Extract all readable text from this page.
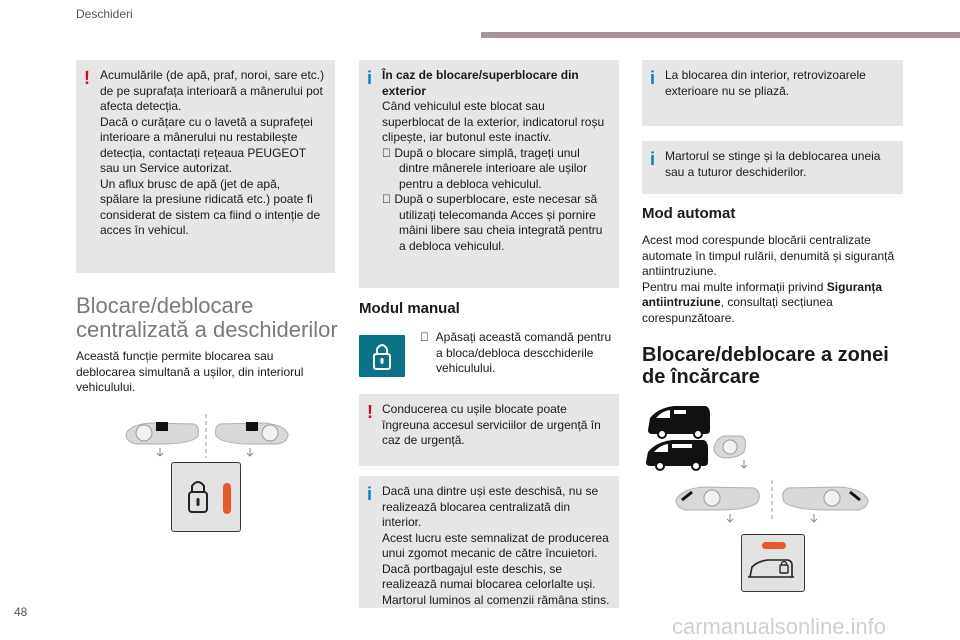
Deschideri
! Acumulările (de apă, praf, noroi, sare etc.)
de pe suprafața interioară a mânerului pot
afecta detecția.
Dacă o curățare cu o lavetă a suprafeței
interioare a mânerului nu restabilește
detecția, contactați rețeaua PEUGEOT
sau un Service autorizat.
Un aflux brusc de apă (jet de apă,
spălare la presiune ridicată etc.) poate fi
considerat de sistem ca fiind o intenție de
acces în vehicul.
Blocare/deblocare
centralizată a deschiderilor
Această funcție permite blocarea sau
deblocarea simultană a ușilor, din interiorul
vehiculului.
i În caz de blocare/superblocare din
exterior
Când vehiculul este blocat sau
superblocat de la exterior, indicatorul roșu
clipește, iar butonul este inactiv.
După o blocare simplă, trageți unul
dintre mânerele interioare ale ușilor
pentru a debloca vehiculul.
După o superblocare, este necesar să
utilizați telecomanda Acces și pornire
mâini libere sau cheia integrată pentru
a debloca vehiculul.
Modul manual
Apăsați această comandă pentru
a bloca/debloca descchiderile
vehiculului.
! Conducerea cu ușile blocate poate
îngreuna accesul serviciilor de urgență în
caz de urgență.
i Dacă una dintre uși este deschisă, nu se
realizează blocarea centralizată din interior.
Acest lucru este semnalizat de producerea
unui zgomot mecanic de către încuietori.
Dacă portbagajul este deschis, se
realizează numai blocarea celorlalte uși.
Martorul luminos al comenzii rămâna stins.
i La blocarea din interior, retrovizoarele
exterioare nu se pliază.
i Martorul se stinge și la deblocarea uneia
sau a tuturor deschiderilor.
Mod automat
Acest mod corespunde blocării centralizate
automate în timpul rulării, denumită și siguranță
antiintruziune.
Pentru mai multe informații privind Siguranța
antiintruziune, consultați secțiunea
corespunzătoare.
Blocare/deblocare a zonei
de încărcare
48
carmanualsonline.info
